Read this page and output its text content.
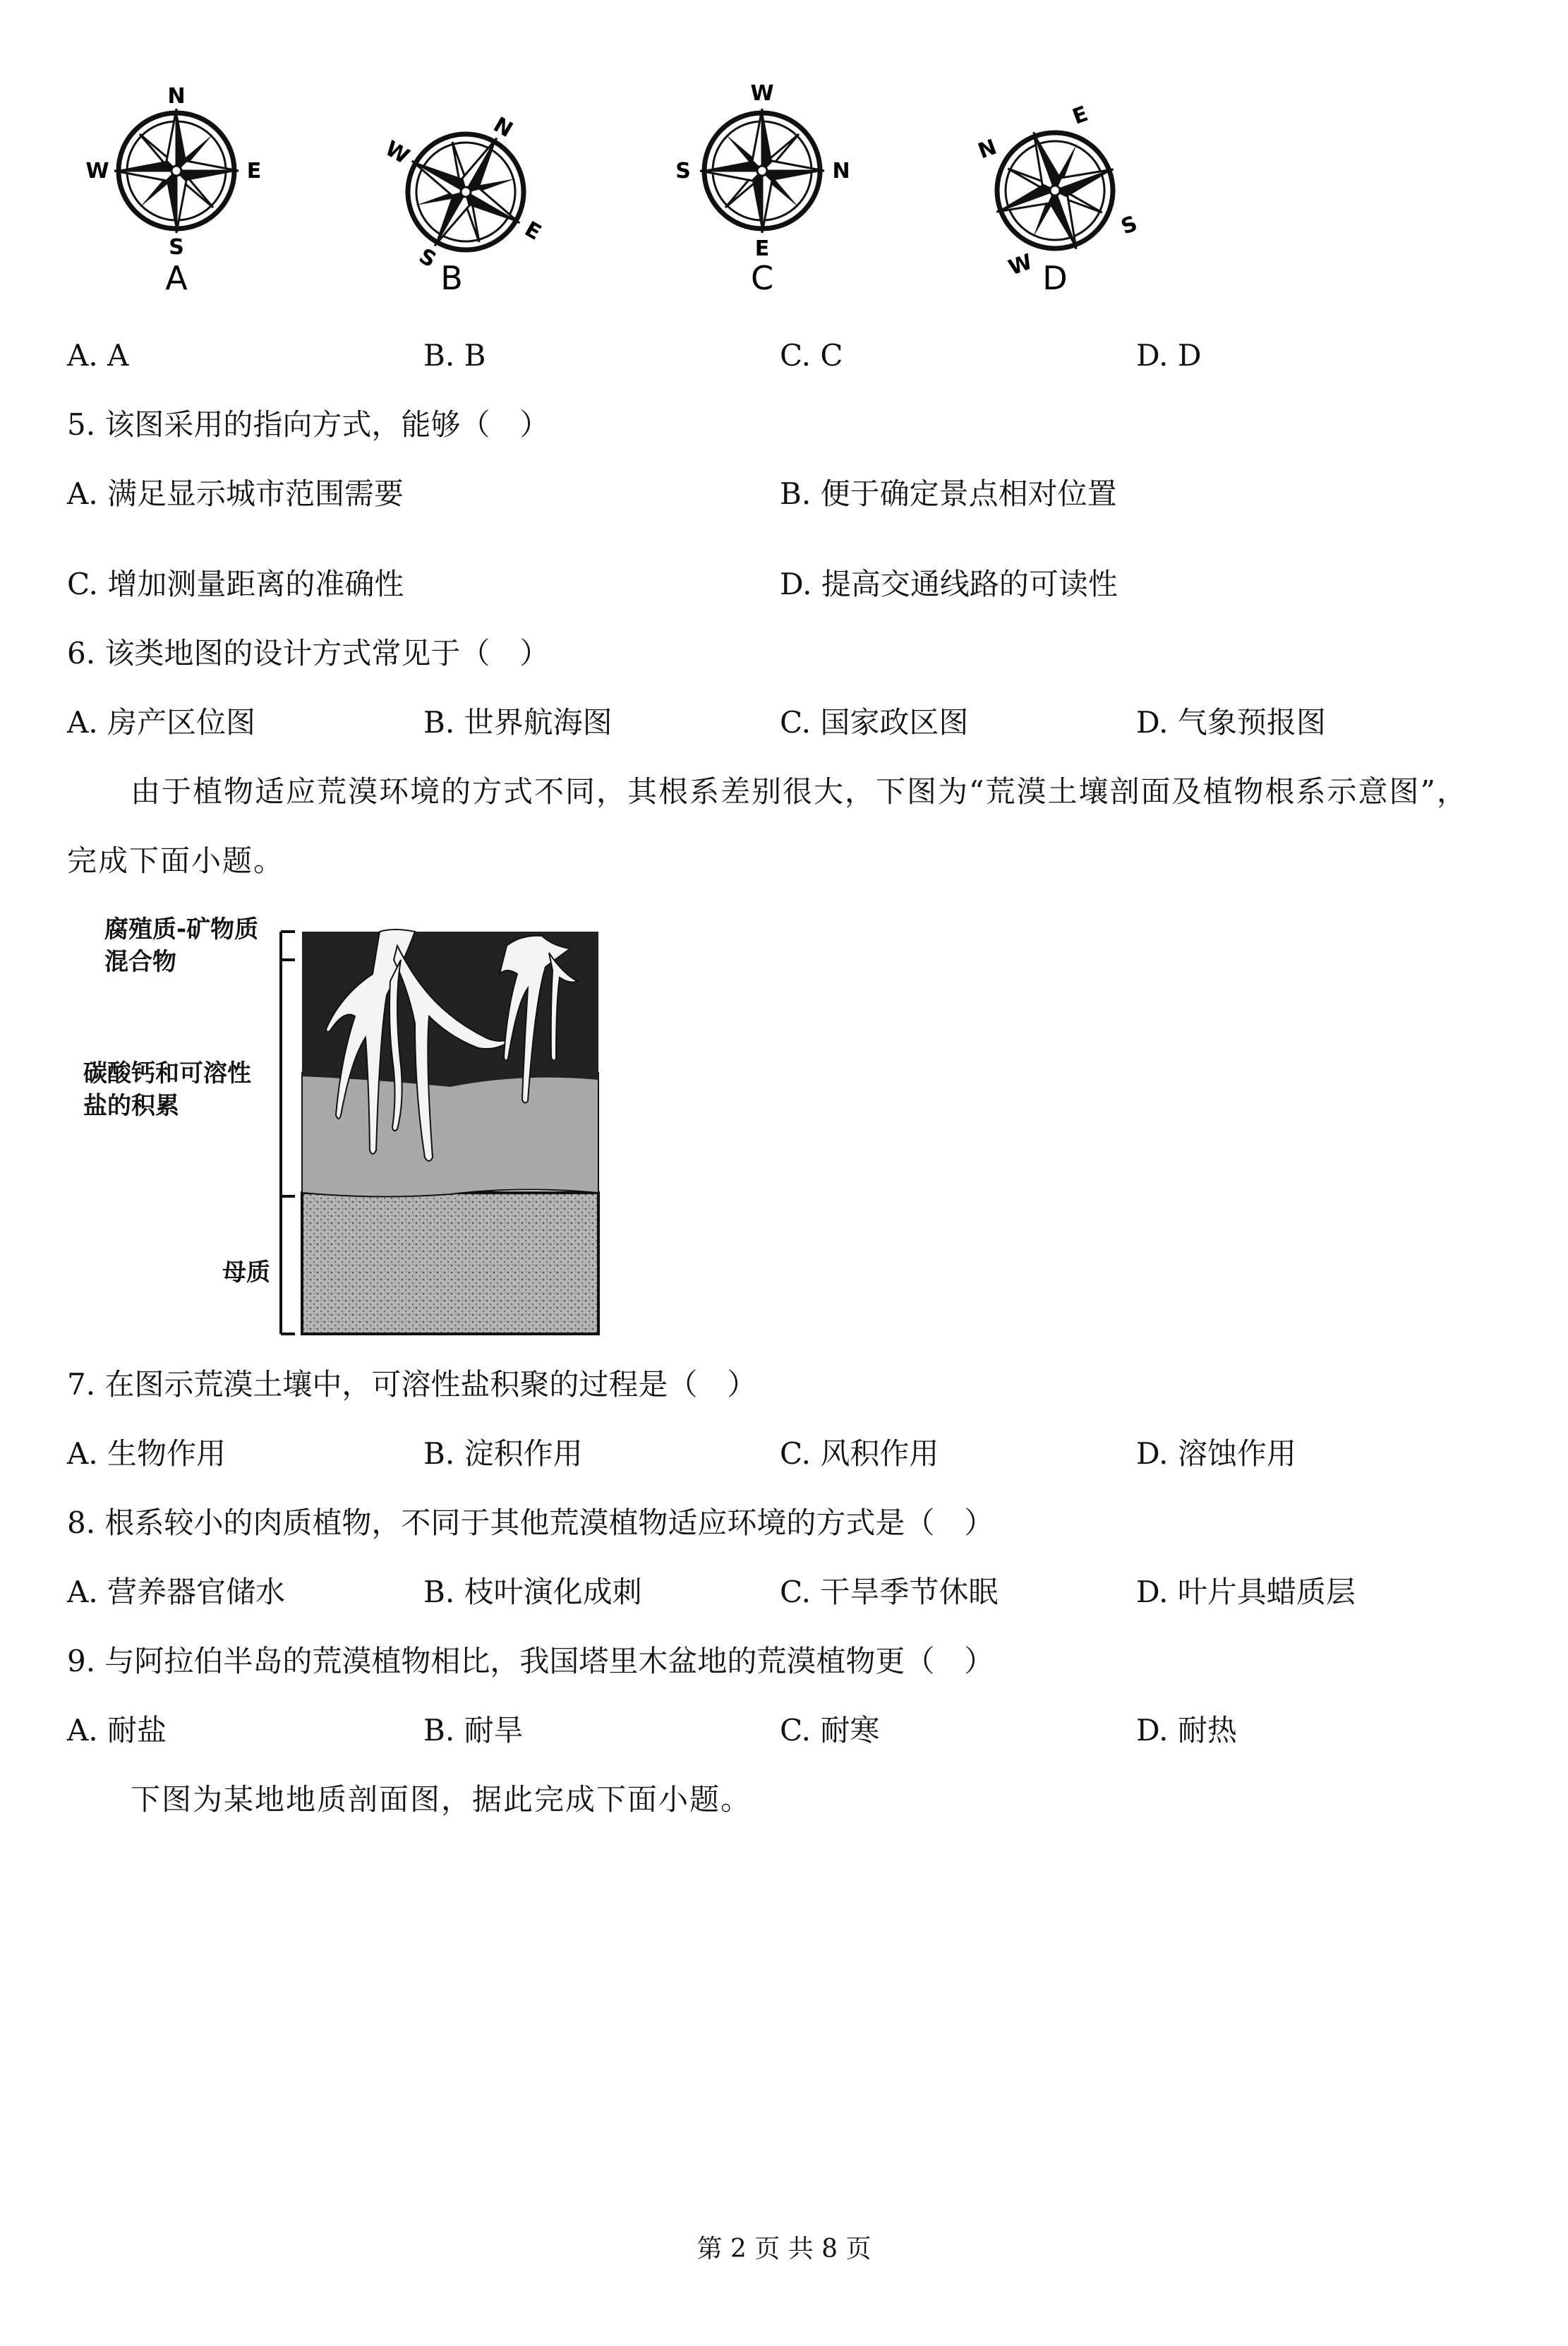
N
E
S
W
A
N
E
S
W
B
W
N
E
S
C
E
S
W
N
D
A. A	B. B	C. C	D. D
5. 该图采用的指向方式，能够（　）
A. 满足显示城市范围需要	B. 便于确定景点相对位置
C. 增加测量距离的准确性	D. 提高交通线路的可读性
6. 该类地图的设计方式常见于（　）
A. 房产区位图	B. 世界航海图	C. 国家政区图	D. 气象预报图
由于植物适应荒漠环境的方式不同，其根系差别很大，下图为“荒漠土壤剖面及植物根系示意图”，
完成下面小题。
腐殖质-矿物质
混合物
碳酸钙和可溶性
盐的积累
母质
7. 在图示荒漠土壤中，可溶性盐积聚的过程是（　）
A. 生物作用	B. 淀积作用	C. 风积作用	D. 溶蚀作用
8. 根系较小的肉质植物，不同于其他荒漠植物适应环境的方式是（　）
A. 营养器官储水	B. 枝叶演化成刺	C. 干旱季节休眠	D. 叶片具蜡质层
9. 与阿拉伯半岛的荒漠植物相比，我国塔里木盆地的荒漠植物更（　）
A. 耐盐	B. 耐旱	C. 耐寒	D. 耐热
下图为某地地质剖面图，据此完成下面小题。
第 2 页 共 8 页
